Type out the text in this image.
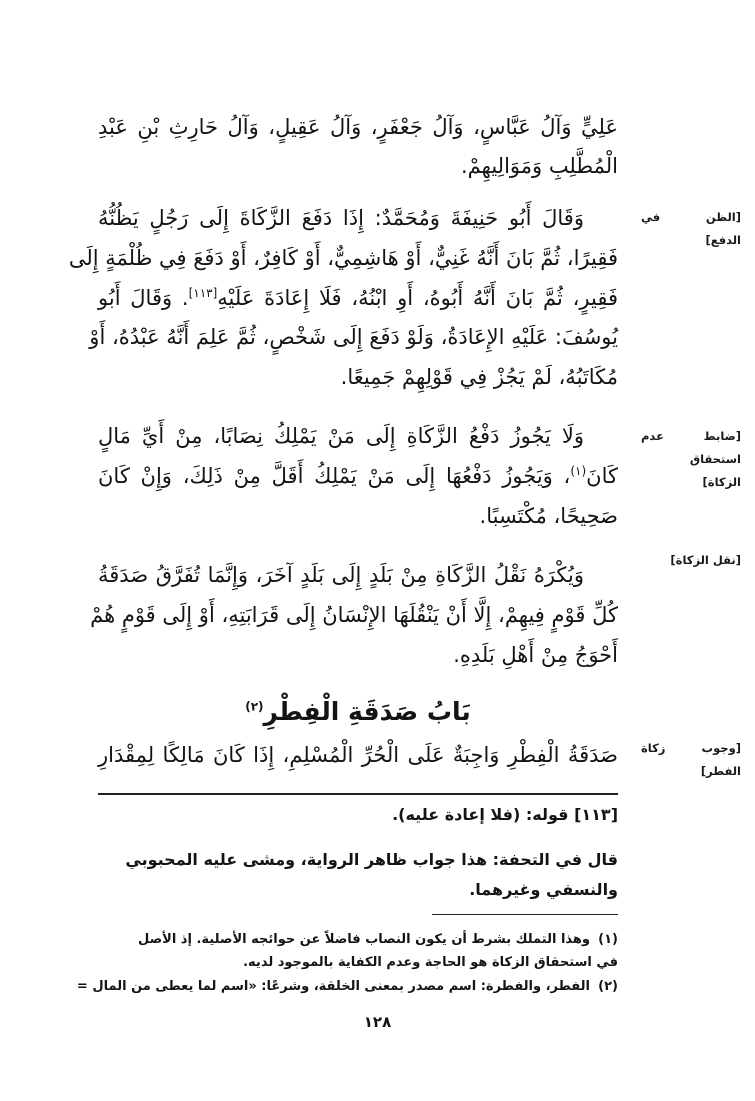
[الظن في
الدفع]
[ضابط عدم
استحقاق
الزكاة]
[نقل الزكاة]
[وجوب زكاة
الفطر]
عَلِيٍّ وَآلُ عَبَّاسٍ، وَآلُ جَعْفَرٍ، وَآلُ عَقِيلٍ، وَآلُ حَارِثِ بْنِ عَبْدِ
الْمُطَّلِبِ وَمَوَالِيهِمْ.
وَقَالَ أَبُو حَنِيفَةَ وَمُحَمَّدٌ: إِذَا دَفَعَ الزَّكَاةَ إِلَى رَجُلٍ يَظُنُّهُ
فَقِيرًا، ثُمَّ بَانَ أَنَّهُ غَنِيٌّ، أَوْ هَاشِمِيٌّ، أَوْ كَافِرٌ، أَوْ دَفَعَ فِي ظُلْمَةٍ إِلَى
فَقِيرٍ، ثُمَّ بَانَ أَنَّهُ أَبُوهُ، أَوِ ابْنُهُ، فَلَا إِعَادَةَ عَلَيْهِ[١١٣]. وَقَالَ أَبُو
يُوسُفَ: عَلَيْهِ الإِعَادَةُ، وَلَوْ دَفَعَ إِلَى شَخْصٍ، ثُمَّ عَلِمَ أَنَّهُ عَبْدُهُ، أَوْ
مُكَاتَبُهُ، لَمْ يَجُزْ فِي قَوْلِهِمْ جَمِيعًا.
وَلَا يَجُوزُ دَفْعُ الزَّكَاةِ إِلَى مَنْ يَمْلِكُ نِصَابًا، مِنْ أَيِّ مَالٍ
كَانَ$^{(١)}$، وَيَجُوزُ دَفْعُهَا إِلَى مَنْ يَمْلِكُ أَقَلَّ مِنْ ذَلِكَ، وَإِنْ كَانَ
صَحِيحًا، مُكْتَسِبًا.
وَيُكْرَهُ نَقْلُ الزَّكَاةِ مِنْ بَلَدٍ إِلَى بَلَدٍ آخَرَ، وَإِنَّمَا تُفَرَّقُ صَدَقَةُ
كُلِّ قَوْمٍ فِيهِمْ، إِلَّا أَنْ يَنْقُلَهَا الإِنْسَانُ إِلَى قَرَابَتِهِ، أَوْ إِلَى قَوْمٍ هُمْ
أَحْوَجُ مِنْ أَهْلِ بَلَدِهِ.
صَدَقَةُ الْفِطْرِ وَاجِبَةٌ عَلَى الْحُرِّ الْمُسْلِمِ، إِذَا كَانَ مَالِكًا لِمِقْدَارِ
بَابُ صَدَقَةِ الْفِطْرِ$^{(٢)}$
[١١٣] قوله: (فلا إعادة عليه).
قال في التحفة: هذا جواب ظاهر الرواية، ومشى عليه المحبوبي
والنسفي وغيرهما.
(١)وهذا التملك بشرط أن يكون النصاب فاضلاً عن حوائجه الأصلية. إذ الأصل
في استحقاق الزكاة هو الحاجة وعدم الكفاية بالموجود لديه.
(٢)الفطر، والفطرة: اسم مصدر بمعنى الخلقة، وشرعًا: «اسم لما يعطى من المال =
١٢٨
